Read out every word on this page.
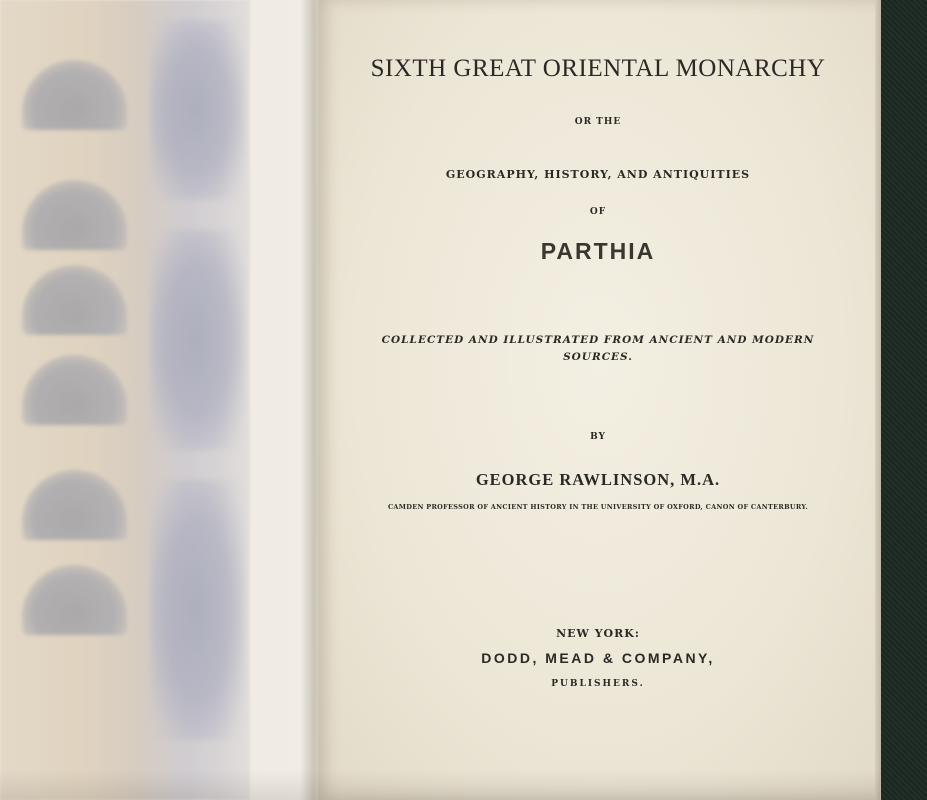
SIXTH GREAT ORIENTAL MONARCHY
OR THE
GEOGRAPHY, HISTORY, AND ANTIQUITIES
OF
PARTHIA
COLLECTED AND ILLUSTRATED FROM ANCIENT AND MODERN SOURCES.
BY
GEORGE RAWLINSON, M.A.
CAMDEN PROFESSOR OF ANCIENT HISTORY IN THE UNIVERSITY OF OXFORD, CANON OF CANTERBURY.
NEW YORK:
DODD, MEAD & COMPANY,
PUBLISHERS.
